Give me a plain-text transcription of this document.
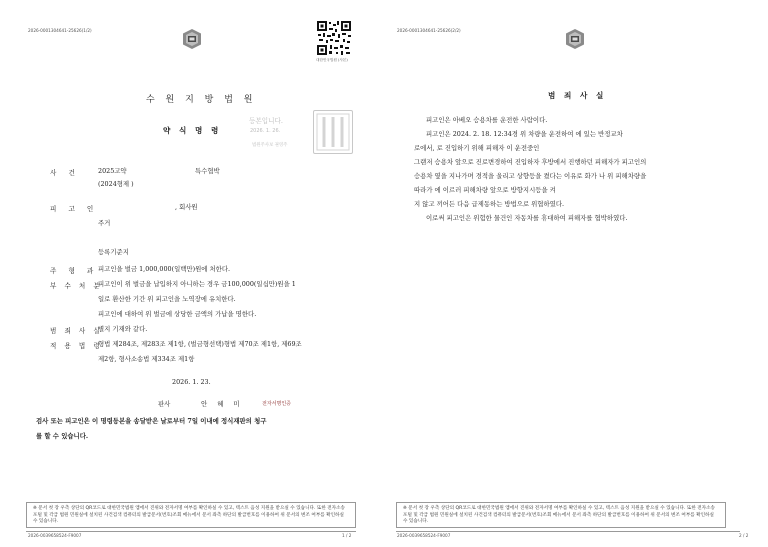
2026-0001304641-25626(1/2)
대한민국법원 (사본)
수 원 지 방 법 원
약 식 명 령
등본입니다.
2026. 1. 26.
법원주사보 권영주
사 건	2025고약	특수협박
(2024형제 )
피 고 인	, 회사원
주거
등록기준지
주 형 과 피고인을 벌금 1,000,000(일백만)원에 처한다.
부 수 처 분
피고인이 위 벌금을 납입하지 아니하는 경우 금100,000(일십만)원을 1
일로 환산한 기간 위 피고인을 노역장에 유치한다.
피고인에 대하여 위 벌금에 상당한 금액의 가납을 명한다.
범 죄 사 실
별지 기재와 같다.
적 용 법 령
형법 제284조, 제283조 제1항, (벌금형선택)형법 제70조 제1항, 제69조
제2항, 형사소송법 제334조 제1항
2026. 1. 23.
판사	안 혜 미	전자서명인증
검사 또는 피고인은 이 명령등본을 송달받은 날로부터 7일 이내에 정식재판의 청구
를 할 수 있습니다.
※ 문서 첫 장 우측 상단의 QR코드로 대한민국법원 앱에서 진위와 전자서명 여부를 확인하실 수 있고, 텍스트 음성 지원을 받으실 수 있습니다. 또한 전자소송포털 및 각급 법원 민원실에 설치된 사건검색 컴퓨터의 발급문서(번호)조회 메뉴에서 문서 좌측 하단의 발급번호를 이용하여 위 문서의 변조 여부를 확인하실 수 있습니다.
2026-0039658524-F9007	1 / 2
2026-0001304641-25626(2/2)
범 죄 사 실
피고인은 아베오 승용차를 운전한 사람이다.
피고인은 2024. 2. 18. 12:34경 위 차량을 운전하여 에 있는 반정교차
로에서, 로 진입하기 위해 피해자 이 운전중인
그랜저 승용차 앞으로 진로변경하여 진입하자 후방에서 진행하던 피해자가 피고인의
승용차 옆을 지나가며 경적을 울리고 상향등을 켰다는 이유로 화가 나 위 피해차량을
따라가 에 이르러 피해차량 앞으로 방향지시등을 켜
지 않고 끼어든 다음 급제동하는 방법으로 위협하였다.
이로써 피고인은 위험한 물건인 자동차를 휴대하여 피해자를 협박하였다.
※ 문서 첫 장 우측 상단의 QR코드로 대한민국법원 앱에서 진위와 전자서명 여부를 확인하실 수 있고, 텍스트 음성 지원을 받으실 수 있습니다. 또한 전자소송포털 및 각급 법원 민원실에 설치된 사건검색 컴퓨터의 발급문서(번호)조회 메뉴에서 문서 좌측 하단의 발급번호를 이용하여 위 문서의 변조 여부를 확인하실 수 있습니다.
2026-0039658524-F9007	2 / 2
